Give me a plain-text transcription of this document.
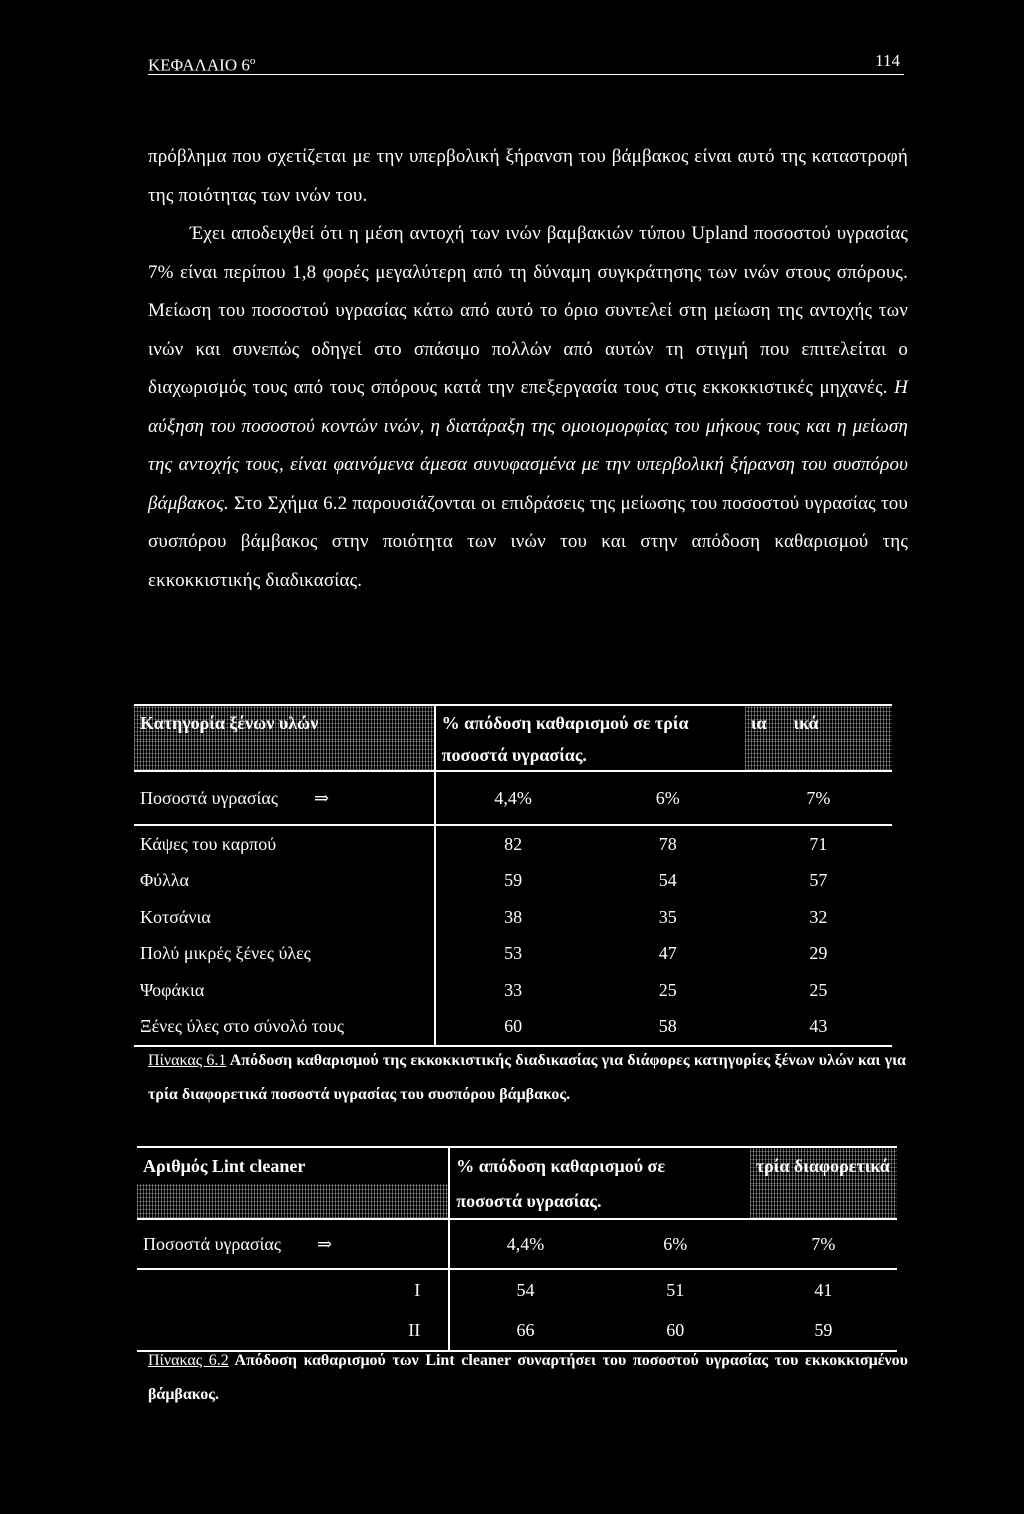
ΚΕΦΑΛΑΙΟ $6^o$	114

πρόβλημα που σχετίζεται με την υπερβολική ξήρανση του βάμβακος είναι αυτό της καταστροφή της ποιότητας των ινών του.

Έχει αποδειχθεί ότι η μέση αντοχή των ινών βαμβακιών τύπου Upland ποσοστού υγρασίας 7% είναι περίπου 1,8 φορές μεγαλύτερη από τη δύναμη συγκράτησης των ινών στους σπόρους. Μείωση του ποσοστού υγρασίας κάτω από αυτό το όριο συντελεί στη μείωση της αντοχής των ινών και συνεπώς οδηγεί στο σπάσιμο πολλών από αυτών τη στιγμή που επιτελείται ο διαχωρισμός τους από τους σπόρους κατά την επεξεργασία τους στις εκκοκκιστικές μηχανές. Η αύξηση του ποσοστού κοντών ινών, η διατάραξη της ομοιομορφίας του μήκους τους και η μείωση της αντοχής τους, είναι φαινόμενα άμεσα συνυφασμένα με την υπερβολική ξήρανση του συσπόρου βάμβακος. Στο Σχήμα 6.2 παρουσιάζονται οι επιδράσεις της μείωσης του ποσοστού υγρασίας του συσπόρου βάμβακος στην ποιότητα των ινών του και στην απόδοση καθαρισμού της εκκοκκιστικής διαδικασίας.

Κατηγορία ξένων υλών	% απόδοση καθαρισμού σε τρία		ια ικά
	ποσοστά υγρασίας.		
Ποσοστά υγρασίας ⇒	4,4%	6%	7%
Κάψες του καρπού	82	78	71
Φύλλα	59	54	57
Κοτσάνια	38	35	32
Πολύ μικρές ξένες ύλες	53	47	29
Ψοφάκια	33	25	25
Ξένες ύλες στο σύνολό τους	60	58	43
Πίνακας 6.1 Απόδοση καθαρισμού της εκκοκκιστικής διαδικασίας για διάφορες κατηγορίες ξένων υλών και για τρία διαφορετικά ποσοστά υγρασίας του συσπόρου βάμβακος.
Αριθμός Lint cleaner	% απόδοση καθαρισμού σε		τρία διαφορετικά
	ποσοστά υγρασίας.		
Ποσοστά υγρασίας ⇒	4,4%	6%	7%
I	54	51	41
II	66	60	59
Πίνακας 6.2 Απόδοση καθαρισμού των Lint cleaner συναρτήσει του ποσοστού υγρασίας του εκκοκκισμένου βάμβακος.
